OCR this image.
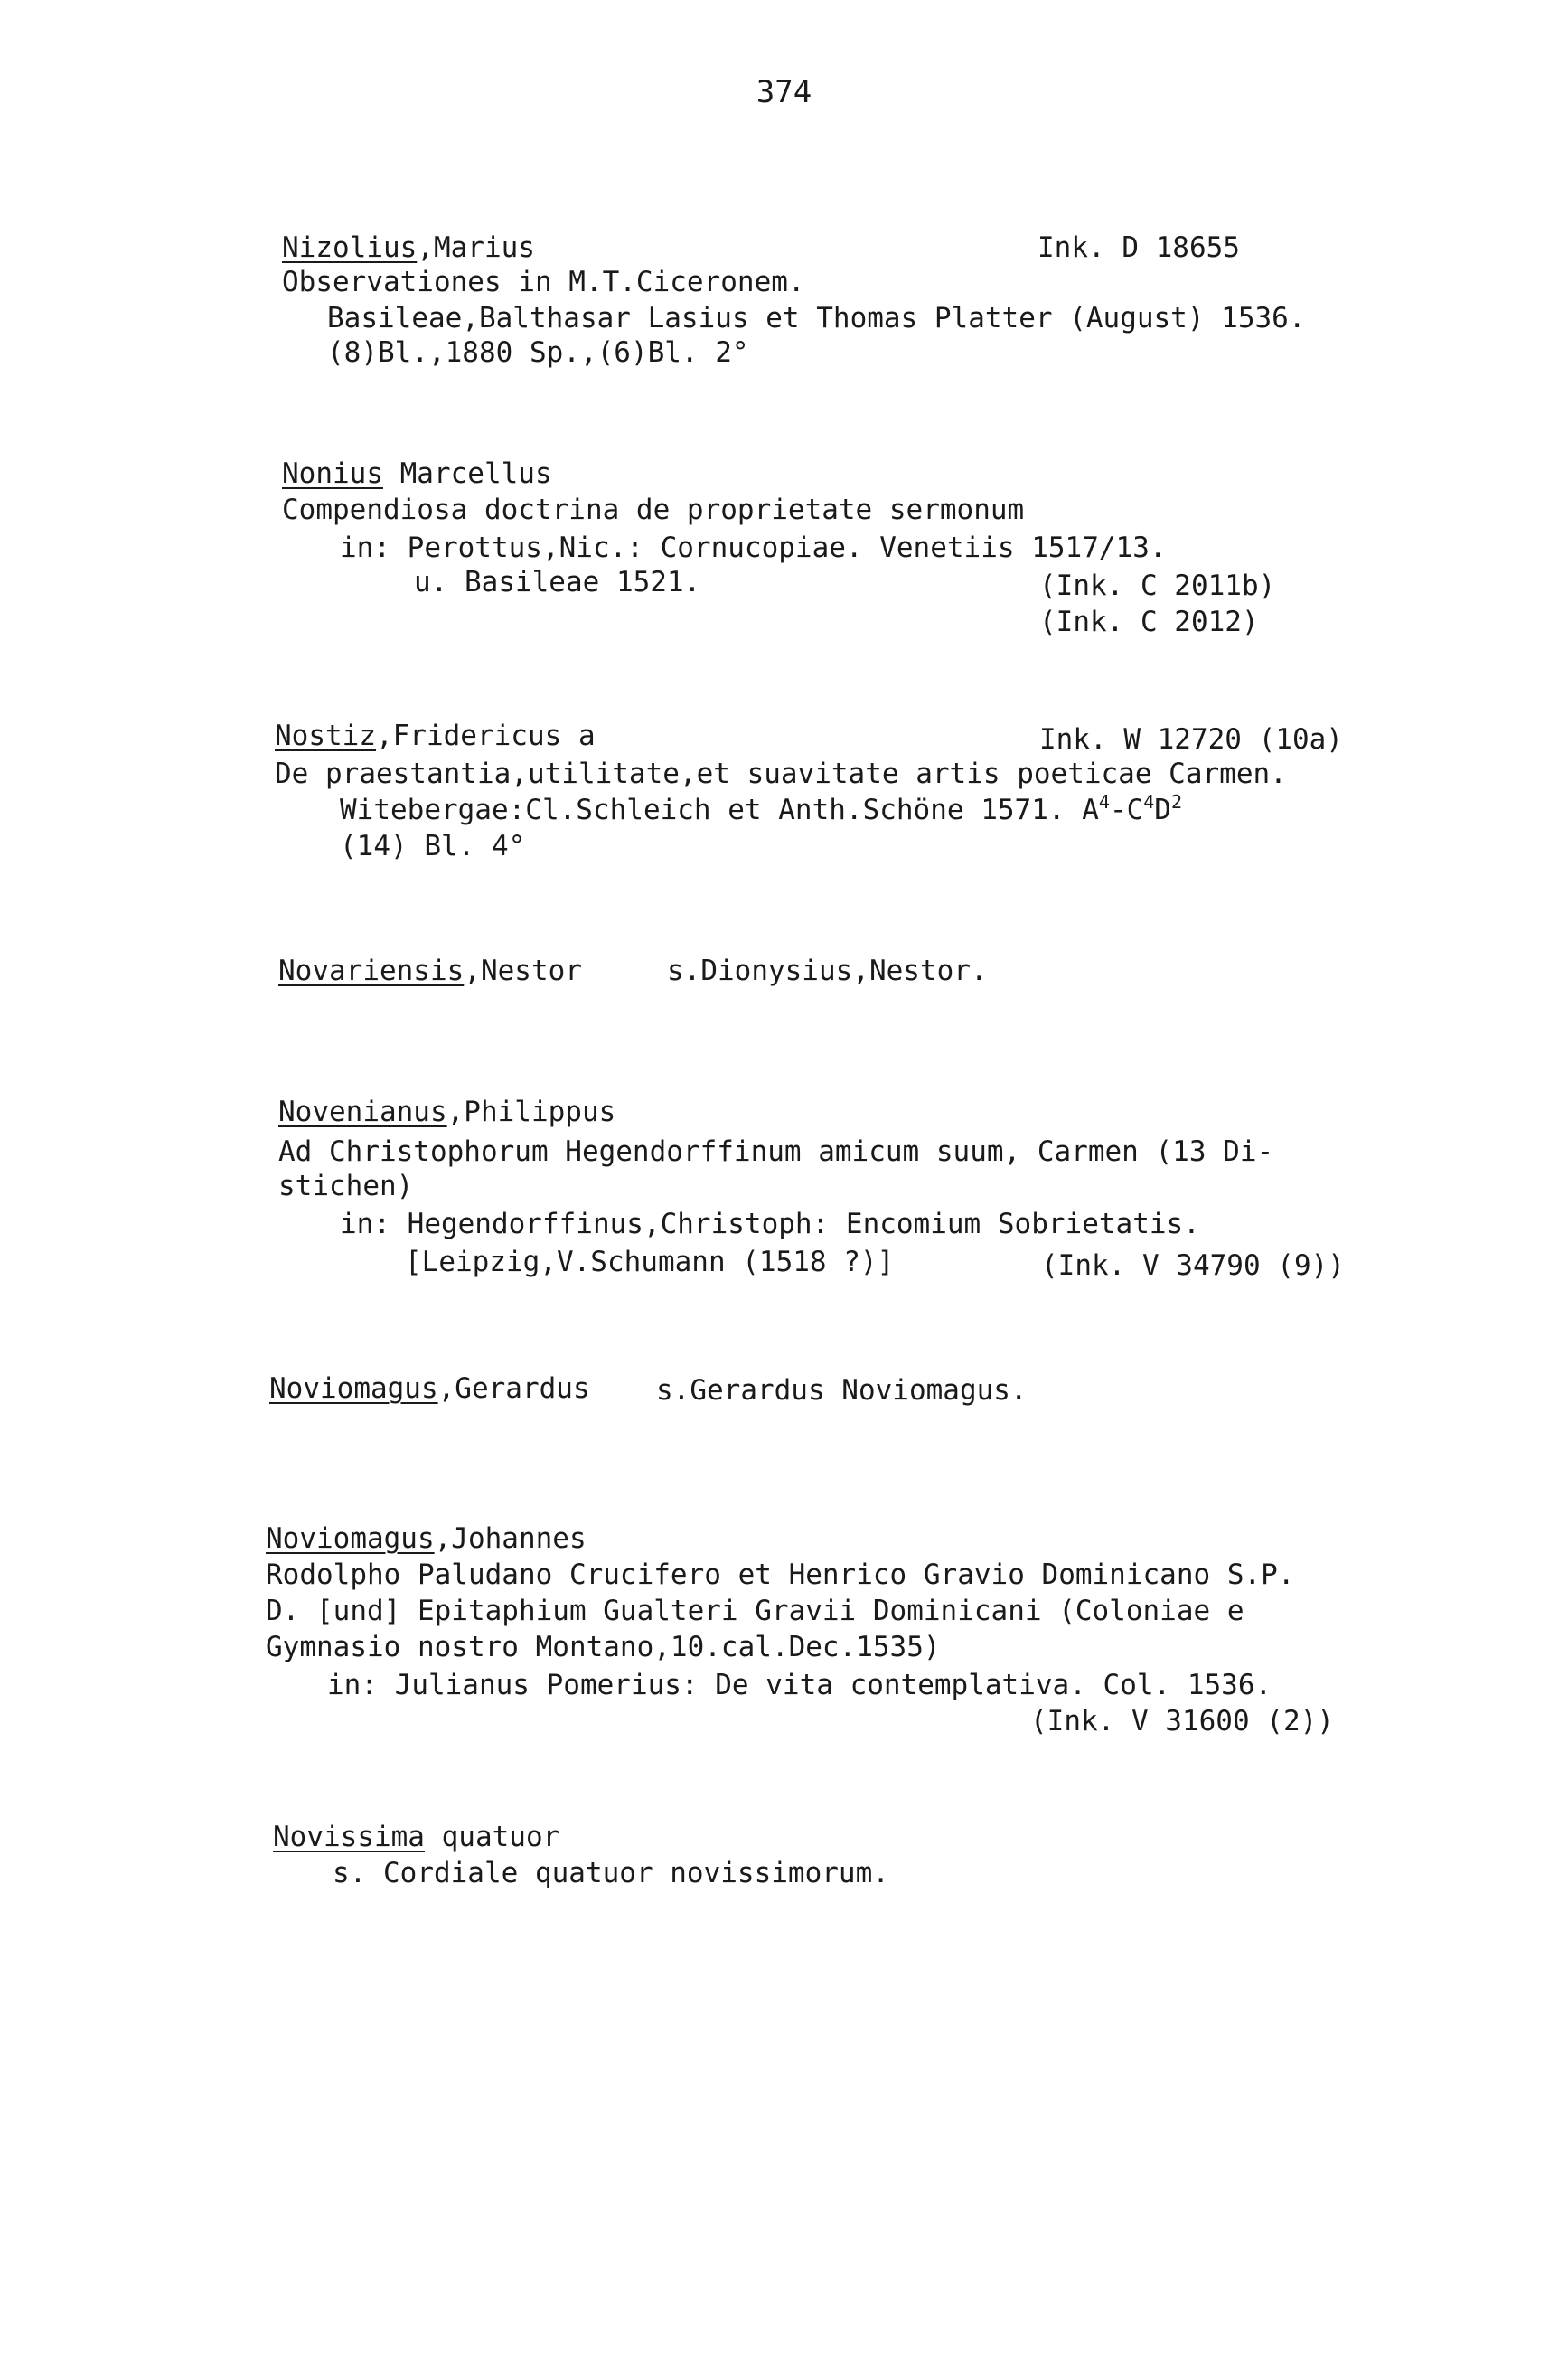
374
Nizolius,Marius	Ink. D 18655
Observationes in M.T.Ciceronem.
Basileae,Balthasar Lasius et Thomas Platter (August) 1536.
(8)Bl.,1880 Sp.,(6)Bl. 2°
Nonius Marcellus
Compendiosa doctrina de proprietate sermonum
in: Perottus,Nic.: Cornucopiae. Venetiis 1517/13.
u. Basileae 1521.	(Ink. C 2011b)
(Ink. C 2012)
Nostiz,Fridericus a	Ink. W 12720 (10a)
De praestantia,utilitate,et suavitate artis poeticae Carmen.
Witebergae:Cl.Schleich et Anth.Schöne 1571. $A^4-C^4D^2$
(14) Bl. 4°
Novariensis,Nestor	s.Dionysius,Nestor.
Novenianus,Philippus
Ad Christophorum Hegendorffinum amicum suum, Carmen (13 Di-
stichen)
in: Hegendorffinus,Christoph: Encomium Sobrietatis.
[Leipzig,V.Schumann (1518 ?)]	(Ink. V 34790 (9))
Noviomagus,Gerardus s.Gerardus Noviomagus.
Noviomagus,Johannes
Rodolpho Paludano Crucifero et Henrico Gravio Dominicano S.P.
D. [und] Epitaphium Gualteri Gravii Dominicani (Coloniae e
Gymnasio nostro Montano,10.cal.Dec.1535)
in: Julianus Pomerius: De vita contemplativa. Col. 1536.
(Ink. V 31600 (2))
Novissima quatuor
s. Cordiale quatuor novissimorum.
